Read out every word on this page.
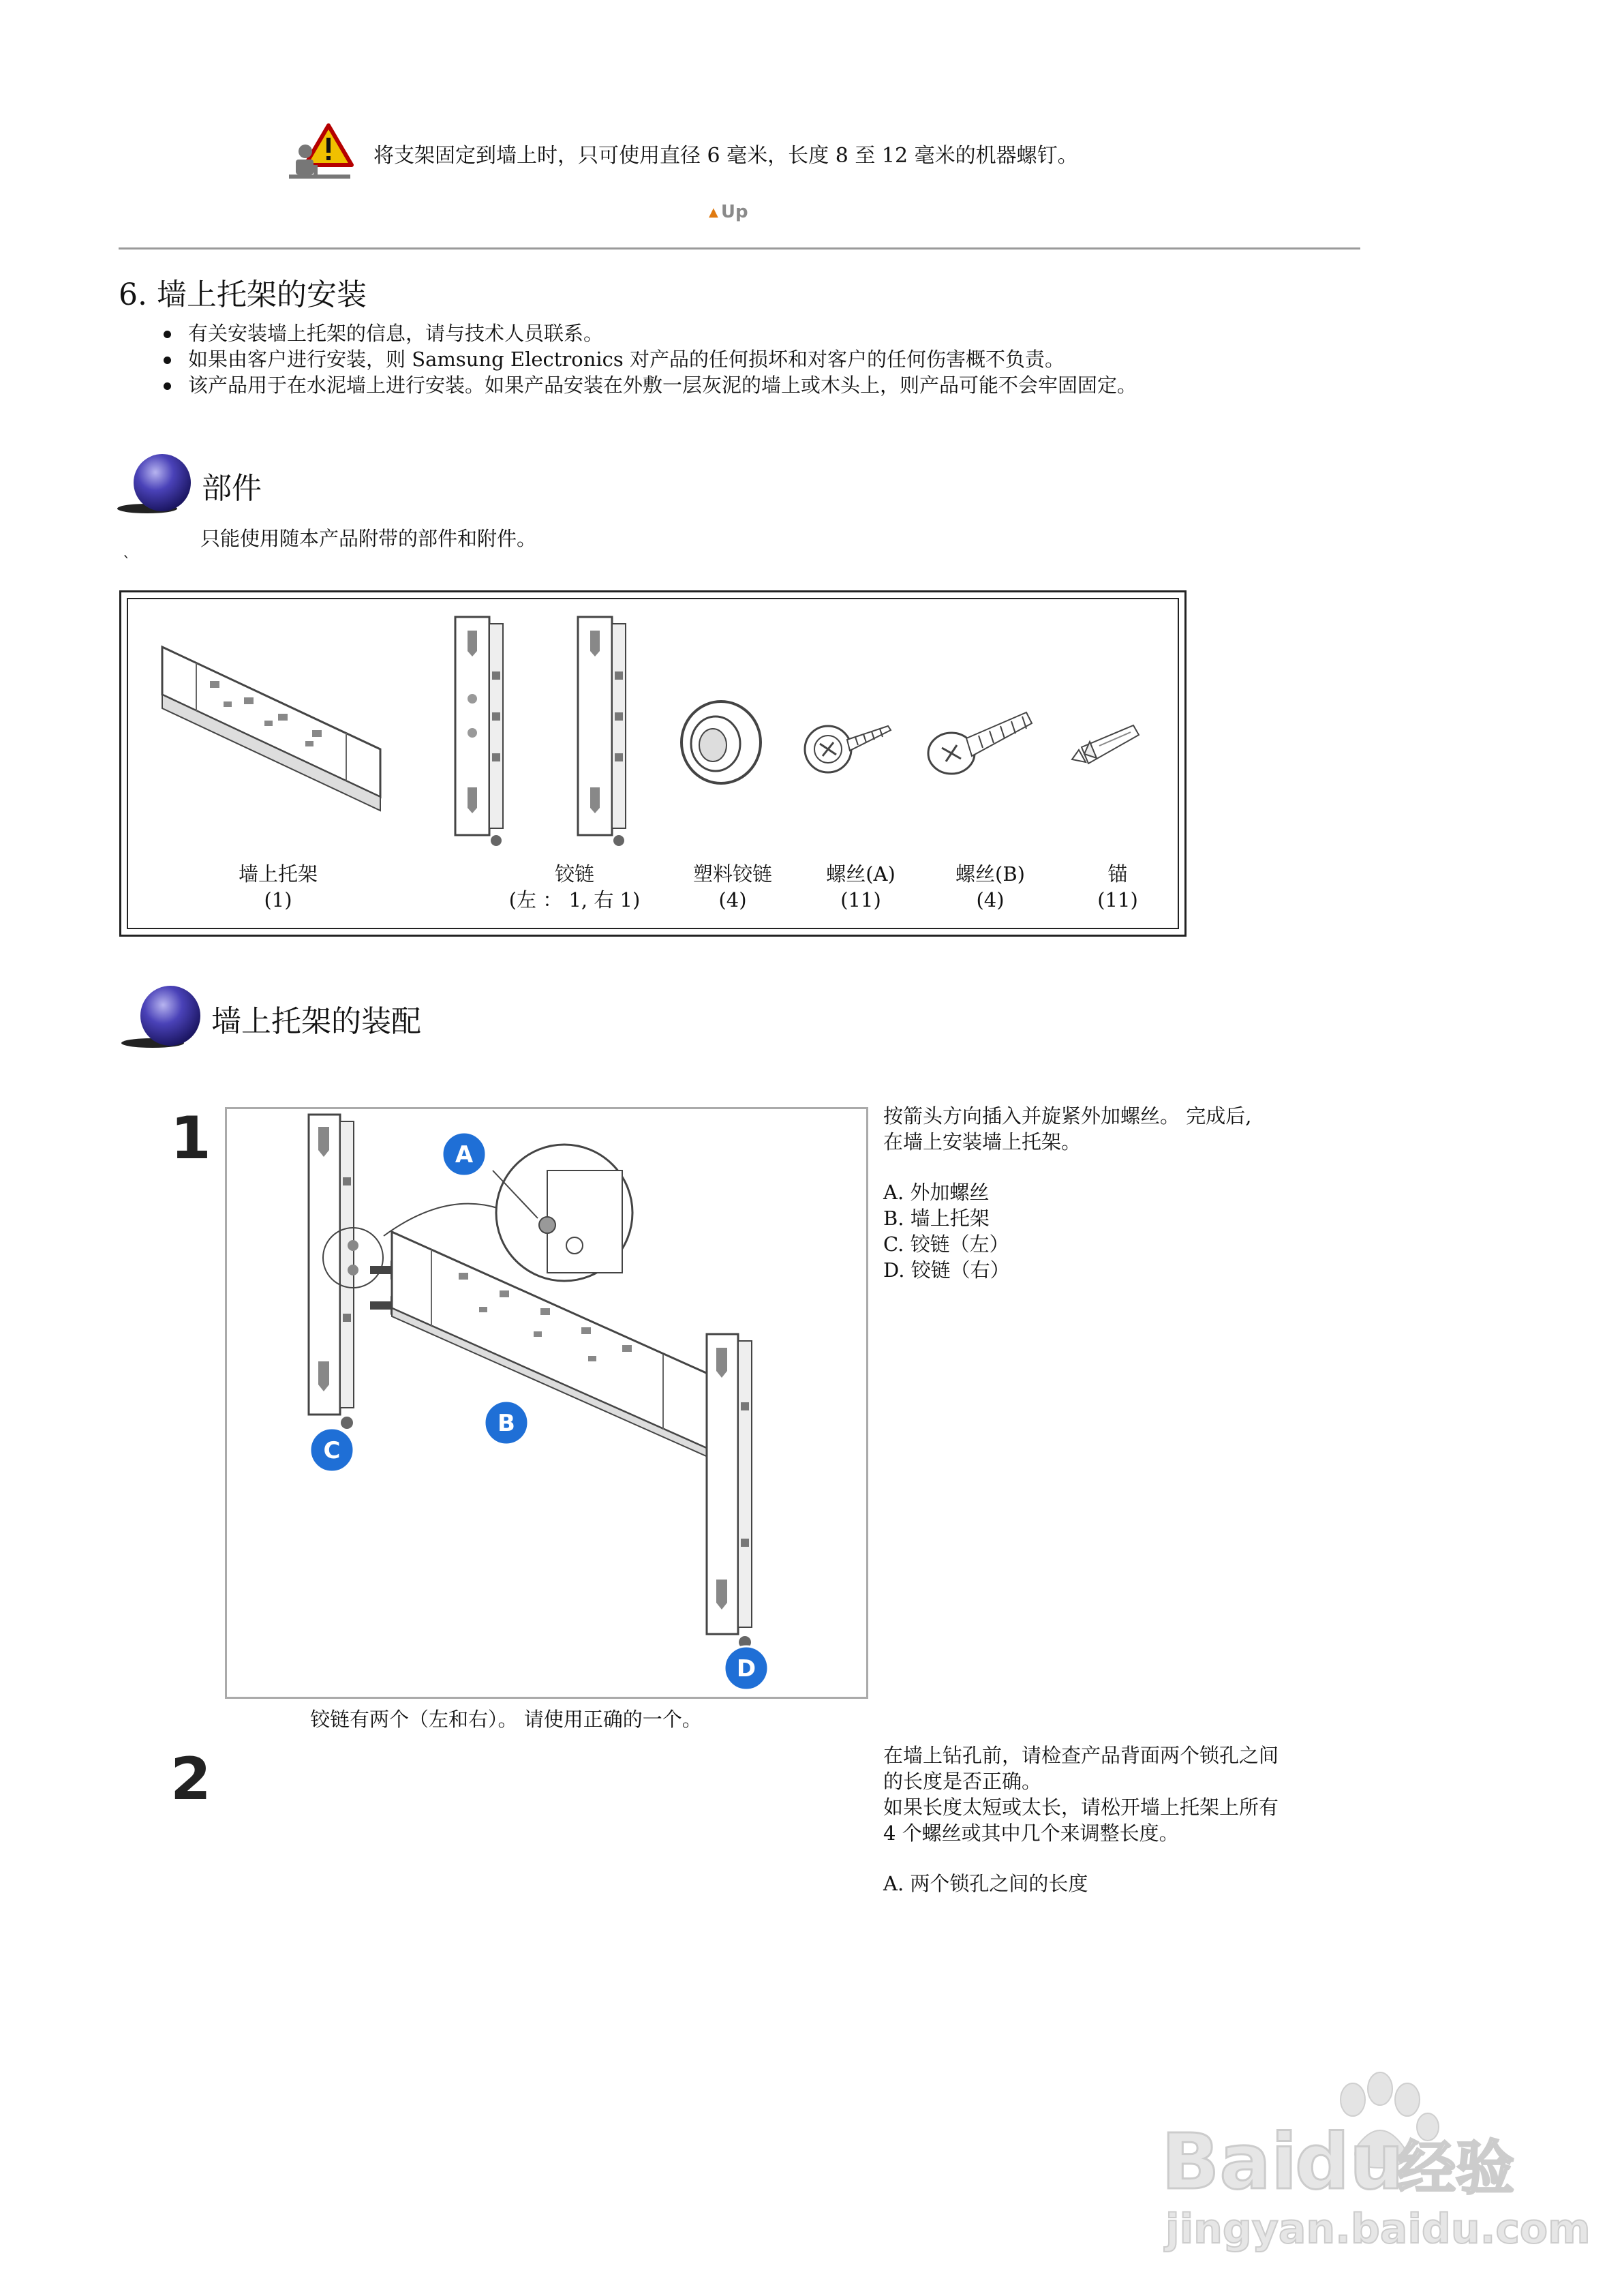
将支架固定到墙上时，只可使用直径 6 毫米，长度 8 至 12 毫米的机器螺钉。
▲ Up
6. 墙上托架的安装
有关安装墙上托架的信息，请与技术人员联系。
如果由客户进行安装，则 Samsung Electronics 对产品的任何损坏和对客户的任何伤害概不负责。
该产品用于在水泥墙上进行安装。如果产品安装在外敷一层灰泥的墙上或木头上，则产品可能不会牢固固定。
部件
只能使用随本产品附带的部件和附件。
`
墙上托架
(1)
铰链
(左 ： 1, 右 1)
塑料铰链
(4)
螺丝(A)
(11)
螺丝(B)
(4)
锚
(11)
墙上托架的装配
1	A
B
C
D
按箭头方向插入并旋紧外加螺丝。 完成后,
在墙上安装墙上托架。
A. 外加螺丝
B. 墙上托架
C. 铰链（左）
D. 铰链（右）
铰链有两个（左和右）。 请使用正确的一个。
2	在墙上钻孔前，请检查产品背面两个锁孔之间
的长度是否正确。
如果长度太短或太长，请松开墙上托架上所有
4 个螺丝或其中几个来调整长度。
A. 两个锁孔之间的长度
Bai
du
经验
jingyan.baidu.com
